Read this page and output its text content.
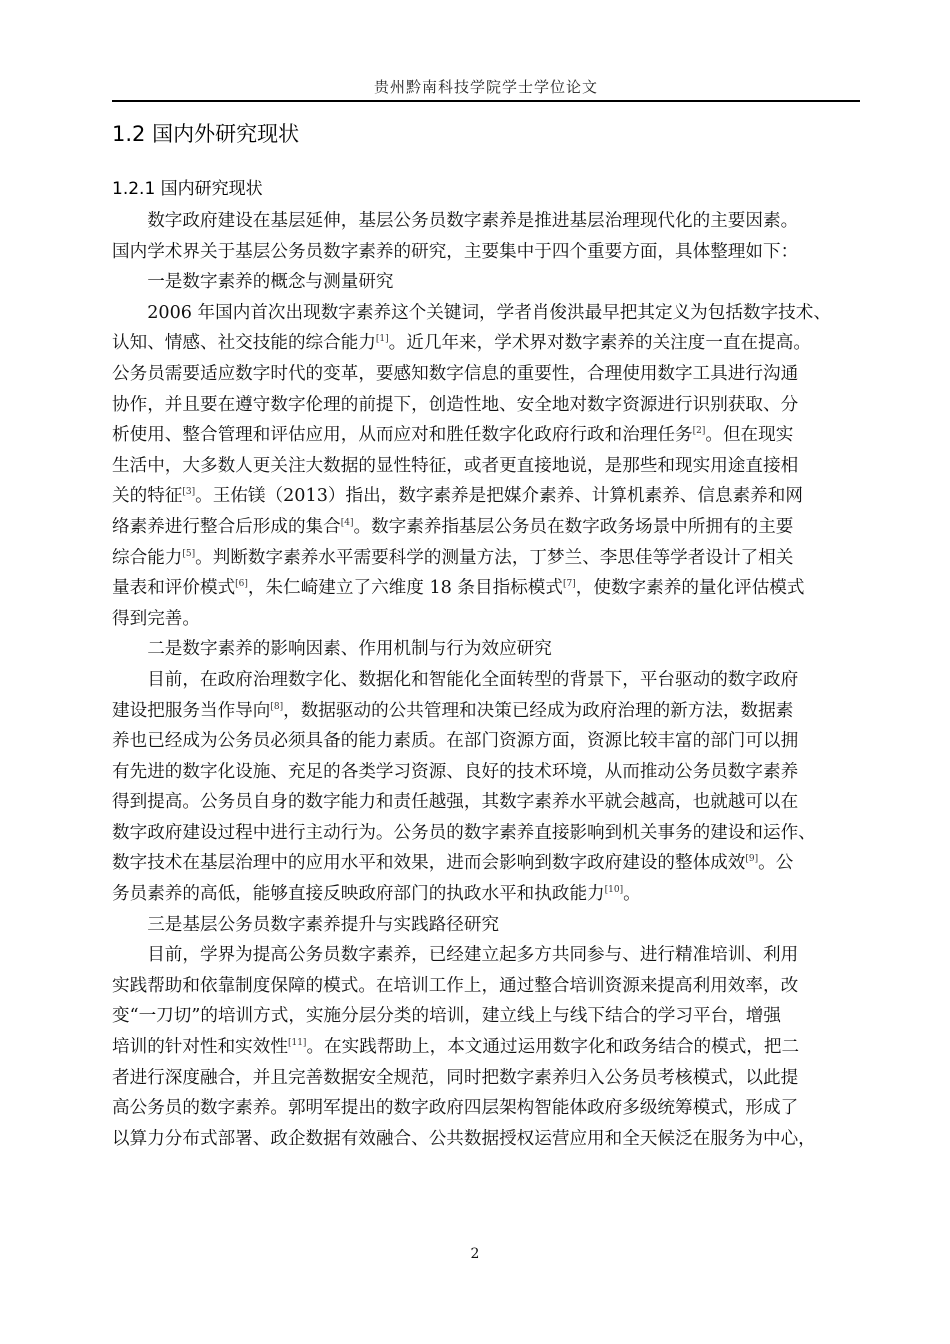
贵州黔南科技学院学士学位论文
1.2 国内外研究现状
1.2.1 国内研究现状
　　数字政府建设在基层延伸，基层公务员数字素养是推进基层治理现代化的主要因素。
国内学术界关于基层公务员数字素养的研究，主要集中于四个重要方面，具体整理如下：
　　一是数字素养的概念与测量研究
　　2006 年国内首次出现数字素养这个关键词，学者肖俊洪最早把其定义为包括数字技术、
认知、情感、社交技能的综合能力[1]。近几年来，学术界对数字素养的关注度一直在提高。
公务员需要适应数字时代的变革，要感知数字信息的重要性，合理使用数字工具进行沟通
协作，并且要在遵守数字伦理的前提下，创造性地、安全地对数字资源进行识别获取、分
析使用、整合管理和评估应用，从而应对和胜任数字化政府行政和治理任务[2]。但在现实
生活中，大多数人更关注大数据的显性特征，或者更直接地说，是那些和现实用途直接相
关的特征[3]。王佑镁（2013）指出，数字素养是把媒介素养、计算机素养、信息素养和网
络素养进行整合后形成的集合[4]。数字素养指基层公务员在数字政务场景中所拥有的主要
综合能力[5]。判断数字素养水平需要科学的测量方法，丁梦兰、李思佳等学者设计了相关
量表和评价模式[6]，朱仁崎建立了六维度 18 条目指标模式[7]，使数字素养的量化评估模式
得到完善。
　　二是数字素养的影响因素、作用机制与行为效应研究
　　目前，在政府治理数字化、数据化和智能化全面转型的背景下，平台驱动的数字政府
建设把服务当作导向[8]，数据驱动的公共管理和决策已经成为政府治理的新方法，数据素
养也已经成为公务员必须具备的能力素质。在部门资源方面，资源比较丰富的部门可以拥
有先进的数字化设施、充足的各类学习资源、良好的技术环境，从而推动公务员数字素养
得到提高。公务员自身的数字能力和责任越强，其数字素养水平就会越高，也就越可以在
数字政府建设过程中进行主动行为。公务员的数字素养直接影响到机关事务的建设和运作、
数字技术在基层治理中的应用水平和效果，进而会影响到数字政府建设的整体成效[9]。公
务员素养的高低，能够直接反映政府部门的执政水平和执政能力[10]。
　　三是基层公务员数字素养提升与实践路径研究
　　目前，学界为提高公务员数字素养，已经建立起多方共同参与、进行精准培训、利用
实践帮助和依靠制度保障的模式。在培训工作上，通过整合培训资源来提高利用效率，改
变“一刀切”的培训方式，实施分层分类的培训，建立线上与线下结合的学习平台，增强
培训的针对性和实效性[11]。在实践帮助上，本文通过运用数字化和政务结合的模式，把二
者进行深度融合，并且完善数据安全规范，同时把数字素养归入公务员考核模式，以此提
高公务员的数字素养。郭明军提出的数字政府四层架构智能体政府多级统筹模式，形成了
以算力分布式部署、政企数据有效融合、公共数据授权运营应用和全天候泛在服务为中心，
2
